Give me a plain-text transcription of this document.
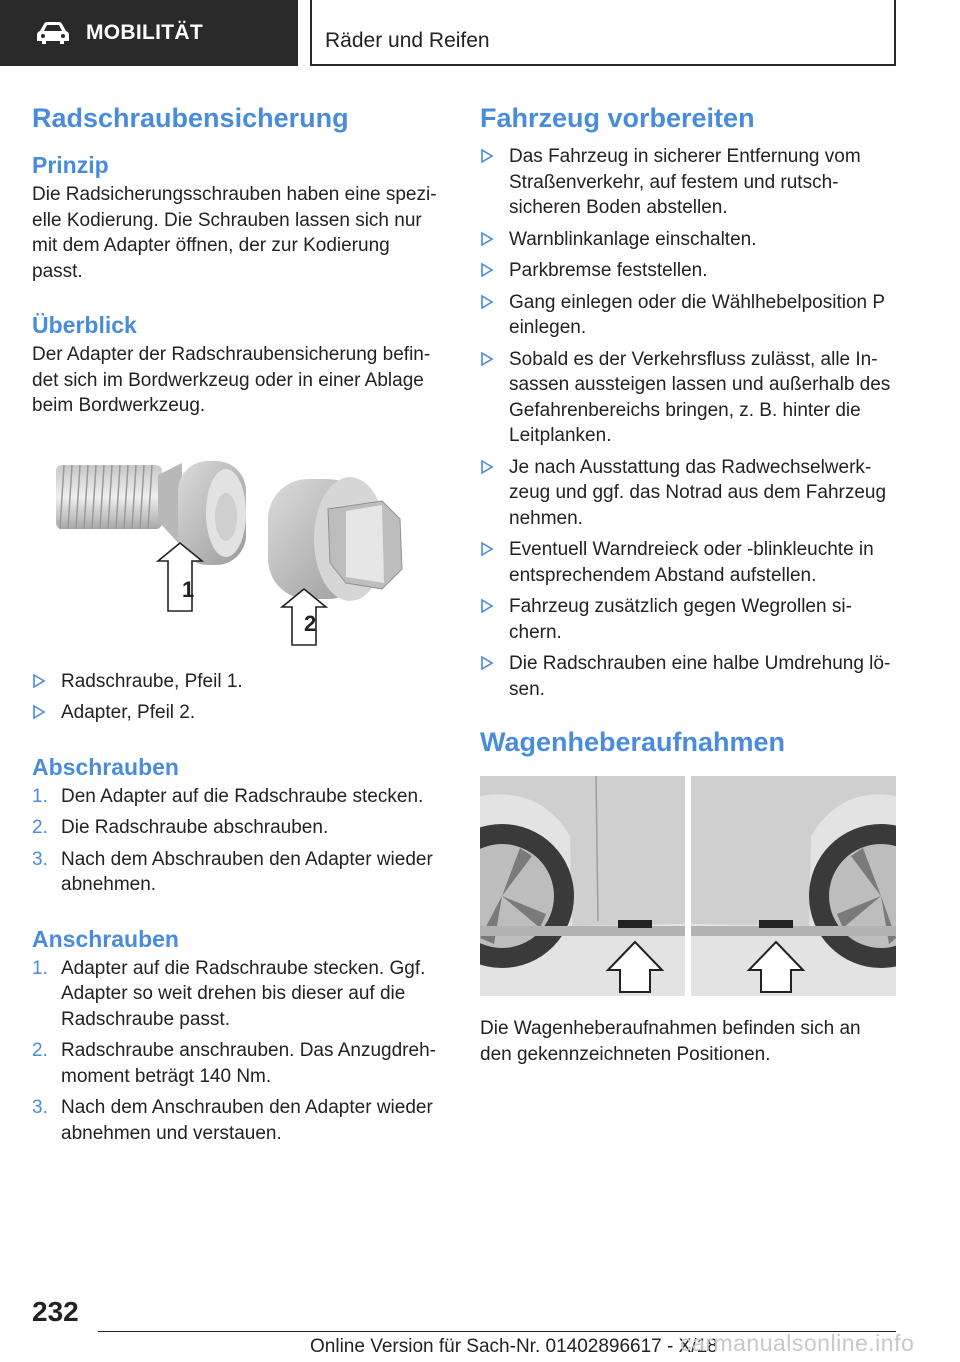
MOBILITÄT	Räder und Reifen
Radschraubensicherung
Prinzip

Die Radsicherungsschrauben haben eine spezielle Kodierung. Die Schrauben lassen sich nur mit dem Adapter öffnen, der zur Kodierung passt.

Überblick

Der Adapter der Radschraubensicherung befindet sich im Bordwerkzeug oder in einer Ablage beim Bordwerkzeug.

1
2
Radschraube, Pfeil 1.
Adapter, Pfeil 2.
Abschrauben
1. Den Adapter auf die Radschraube stecken.
2. Die Radschraube abschrauben.
3. Nach dem Abschrauben den Adapter wieder abnehmen.
Anschrauben
1. Adapter auf die Radschraube stecken. Ggf. Adapter so weit drehen bis dieser auf die Radschraube passt.
2. Radschraube anschrauben. Das Anzugdrehmoment beträgt 140 Nm.
3. Nach dem Anschrauben den Adapter wieder abnehmen und verstauen.
Fahrzeug vorbereiten
Das Fahrzeug in sicherer Entfernung vom Straßenverkehr, auf festem und rutschsicheren Boden abstellen.
Warnblinkanlage einschalten.
Parkbremse feststellen.
Gang einlegen oder die Wählhebelposition P einlegen.
Sobald es der Verkehrsfluss zulässt, alle Insassen aussteigen lassen und außerhalb des Gefahrenbereichs bringen, z. B. hinter die Leitplanken.
Je nach Ausstattung das Radwechselwerkzeug und ggf. das Notrad aus dem Fahrzeug nehmen.
Eventuell Warndreieck oder -blinkleuchte in entsprechendem Abstand aufstellen.
Fahrzeug zusätzlich gegen Wegrollen sichern.
Die Radschrauben eine halbe Umdrehung lösen.
Wagenheberaufnahmen

Die Wagenheberaufnahmen befinden sich an den gekennzeichneten Positionen.

232
Online Version für Sach-Nr. 01402896617 - X/18
carmanualsonline.info
